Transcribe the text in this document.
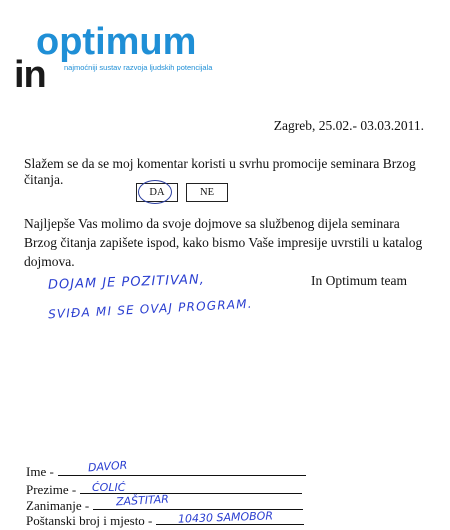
in
optimum
najmoćniji sustav razvoja ljudskih potencijala
Zagreb, 25.02.- 03.03.2011.
Slažem se da se moj komentar koristi u svrhu promocije seminara Brzog čitanja.
DA	NE
Najljepše Vas molimo da svoje dojmove sa službenog dijela seminara Brzog čitanja zapišete ispod, kako bismo Vaše impresije uvrstili u katalog dojmova.
DOJAM JE POZITIVAN,
SVIĐA MI SE OVAJ PROGRAM.
In Optimum team
Ime -	DAVOR
Prezime -	ĆOLIĆ
Zanimanje -	ZAŠTITAR
Poštanski broj i mjesto -	10430 SAMOBOR
